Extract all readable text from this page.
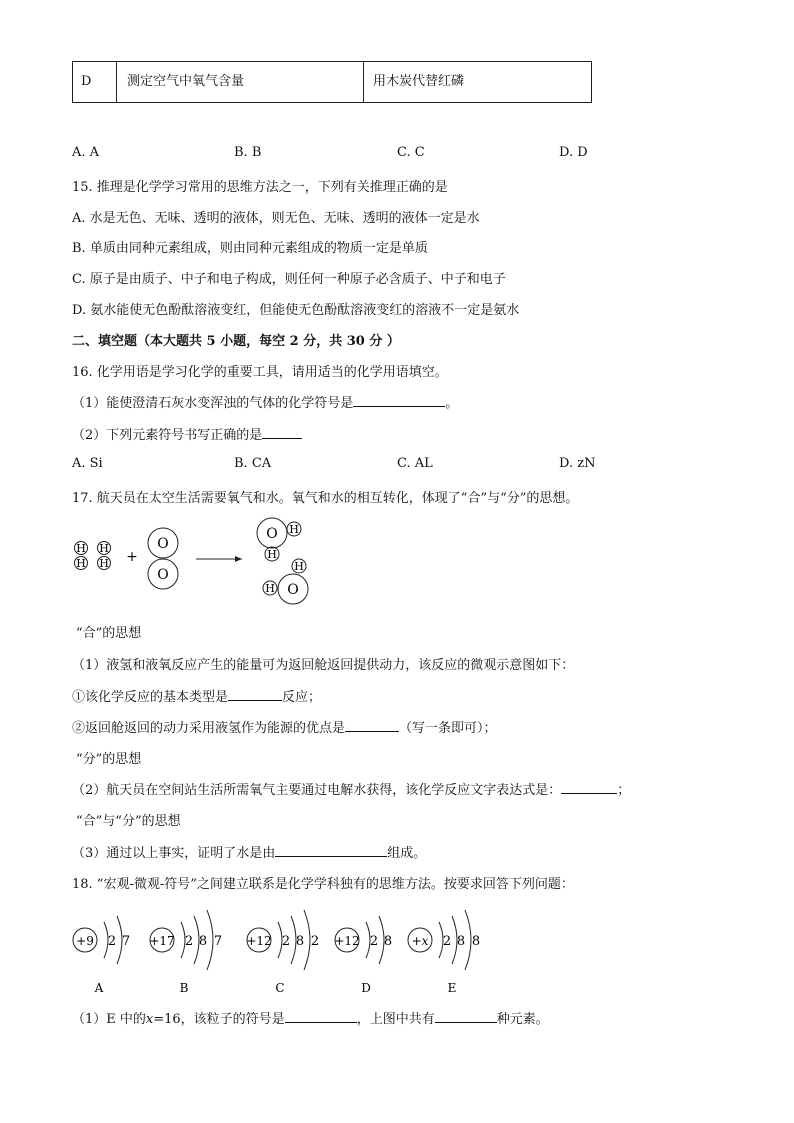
D	测定空气中氧气含量	用木炭代替红磷
A. A	B. B	C. C	D. D
15. 推理是化学学习常用的思维方法之一，下列有关推理正确的是
A. 水是无色、无味、透明的液体，则无色、无味、透明的液体一定是水
B. 单质由同种元素组成，则由同种元素组成的物质一定是单质
C. 原子是由质子、中子和电子构成，则任何一种原子必含质子、中子和电子
D. 氨水能使无色酚酞溶液变红，但能使无色酚酞溶液变红的溶液不一定是氨水
二、填空题（本大题共 5 小题，每空 2 分，共 30 分 ）
16. 化学用语是学习化学的重要工具，请用适当的化学用语填空。
（1）能使澄清石灰水变浑浊的气体的化学符号是	。
（2）下列元素符号书写正确的是
A. Si	B. CA	C. AL	D. zN
17. 航天员在太空生活需要氧气和水。氧气和水的相互转化，体现了“合”与“分”的思想。
H
H
H
H
H
H
H
H
O
O
O
O
+
“合”的思想
（1）液氢和液氧反应产生的能量可为返回舱返回提供动力，该反应的微观示意图如下：
①该化学反应的基本类型是	反应；
②返回舱返回的动力采用液氢作为能源的优点是	（写一条即可）；
“分”的思想
（2）航天员在空间站生活所需氧气主要通过电解水获得，该化学反应文字表达式是：	；
“合”与“分”的思想
（3）通过以上事实，证明了水是由	组成。
18. “宏观-微观-符号”之间建立联系是化学学科独有的思维方法。按要求回答下列问题：
+9 2 7
A
+17 2 8 7
B
+12 2 8 2
C
+12 2 8
D
+x 2 8 8
E
（1）E 中的x=16，该粒子的符号是	，上图中共有	种元素。
